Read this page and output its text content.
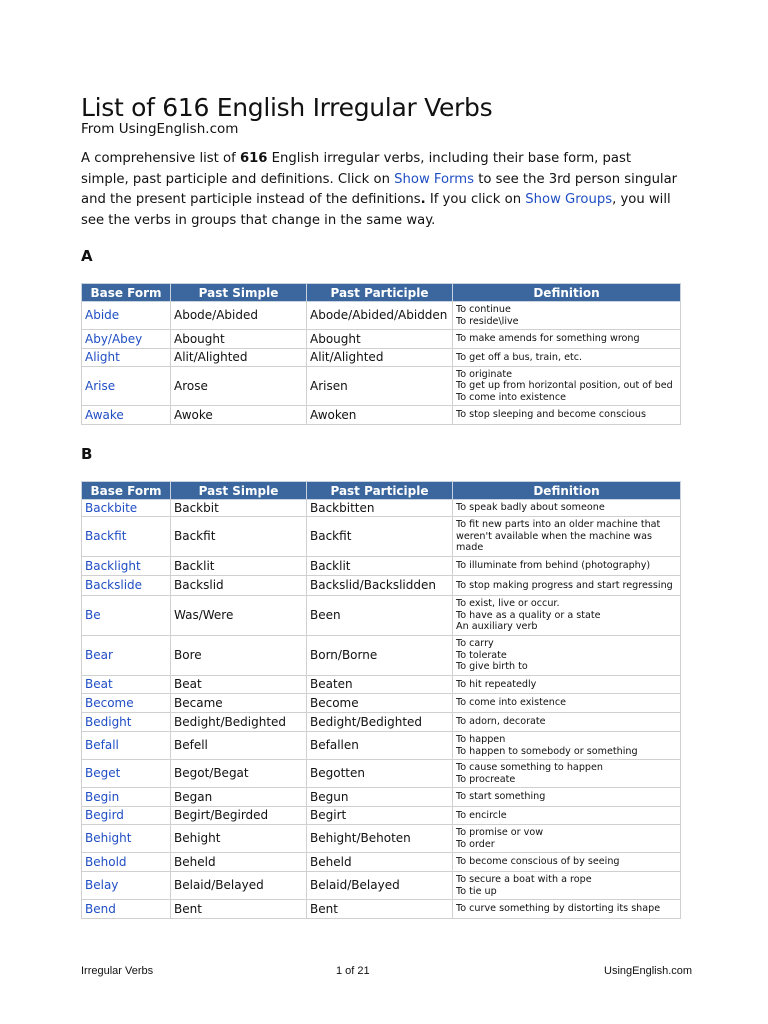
List of 616 English Irregular Verbs
From UsingEnglish.com
A comprehensive list of 616 English irregular verbs, including their base form, past simple, past participle and definitions. Click on Show Forms to see the 3rd person singular and the present participle instead of the definitions. If you click on Show Groups, you will see the verbs in groups that change in the same way.
A
Base Form	Past Simple	Past Participle	Definition
Abide	Abode/Abided	Abode/Abided/Abidden	To continue
To reside\live

Aby/Abey	Abought	Abought	To make amends for something wrong

Alight	Alit/Alighted	Alit/Alighted	To get off a bus, train, etc.

Arise	Arose	Arisen	To originate
To get up from horizontal position, out of bed
To come into existence

Awake	Awoke	Awoken	To stop sleeping and become conscious
B
Base Form	Past Simple	Past Participle	Definition
Backbite	Backbit	Backbitten	To speak badly about someone

Backfit	Backfit	Backfit	To fit new parts into an older machine that
weren't available when the machine was
made

Backlight	Backlit	Backlit	To illuminate from behind (photography)

Backslide	Backslid	Backslid/Backslidden	To stop making progress and start regressing

Be	Was/Were	Been	To exist, live or occur.
To have as a quality or a state
An auxiliary verb

Bear	Bore	Born/Borne	To carry
To tolerate
To give birth to

Beat	Beat	Beaten	To hit repeatedly

Become	Became	Become	To come into existence

Bedight	Bedight/Bedighted	Bedight/Bedighted	To adorn, decorate

Befall	Befell	Befallen	To happen
To happen to somebody or something

Beget	Begot/Begat	Begotten	To cause something to happen
To procreate

Begin	Began	Begun	To start something

Begird	Begirt/Begirded	Begirt	To encircle

Behight	Behight	Behight/Behoten	To promise or vow
To order

Behold	Beheld	Beheld	To become conscious of by seeing

Belay	Belaid/Belayed	Belaid/Belayed	To secure a boat with a rope
To tie up

Bend	Bent	Bent	To curve something by distorting its shape
Irregular Verbs	1 of 21	UsingEnglish.com
